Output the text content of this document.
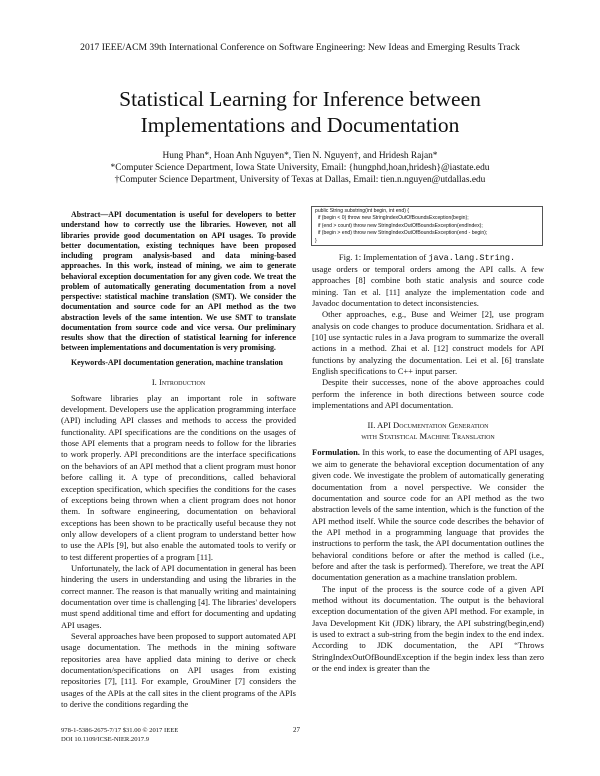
2017 IEEE/ACM 39th International Conference on Software Engineering: New Ideas and Emerging Results Track
Statistical Learning for Inference between
Implementations and Documentation
Hung Phan*, Hoan Anh Nguyen*, Tien N. Nguyen†, and Hridesh Rajan*
*Computer Science Department, Iowa State University, Email: {hungphd,hoan,hridesh}@iastate.edu
†Computer Science Department, University of Texas at Dallas, Email: tien.n.nguyen@utdallas.edu

Abstract—API documentation is useful for developers to better understand how to correctly use the libraries. However, not all libraries provide good documentation on API usages. To provide better documentation, existing techniques have been proposed including program analysis-based and data mining-based approaches. In this work, instead of mining, we aim to generate behavioral exception documentation for any given code. We treat the problem of automatically generating documentation from a novel perspective: statistical machine translation (SMT). We consider the documentation and source code for an API method as the two abstraction levels of the same intention. We use SMT to translate documentation from source code and vice versa. Our preliminary results show that the direction of statistical learning for inference between implementations and documentation is very promising.

Keywords-API documentation generation, machine translation

I. Introduction

Software libraries play an important role in software development. Developers use the application programming interface (API) including API classes and methods to access the provided functionality. API specifications are the conditions on the usages of those API elements that a program needs to follow for the libraries to work properly. API preconditions are the interface specifications on the behaviors of an API method that a client program must honor before calling it. A type of preconditions, called behavioral exception specification, which specifies the conditions for the cases of exceptions being thrown when a client program does not honor them. In software engineering, documentation on behavioral exceptions has been shown to be practically useful because they not only allow developers of a client program to understand better how to use the APIs [9], but also enable the automated tools to verify or to test different properties of a program [11].

Unfortunately, the lack of API documentation in general has been hindering the users in understanding and using the libraries in the correct manner. The reason is that manually writing and maintaining documentation over time is challenging [4]. The libraries' developers must spend additional time and effort for documenting and updating API usages.

Several approaches have been proposed to support automated API usage documentation. The methods in the mining software repositories area have applied data mining to derive or check documentation/specifications on API usages from existing repositories [7], [11]. For example, GrouMiner [7] considers the usages of the APIs at the call sites in the client programs of the APIs to derive the conditions regarding the

public String substring(int begin, int end) {
if (begin < 0) throw new StringIndexOutOfBoundsException(begin);
if (end > count) throw new StringIndexOutOfBoundsException(endIndex);
if (begin > end) throw new StringIndexOutOfBoundsException(end - begin);
}
Fig. 1: Implementation of java.lang.String.

usage orders or temporal orders among the API calls. A few approaches [8] combine both static analysis and source code mining. Tan et al. [11] analyze the implementation code and Javadoc documentation to detect inconsistencies.

Other approaches, e.g., Buse and Weimer [2], use program analysis on code changes to produce documentation. Sridhara et al. [10] use syntactic rules in a Java program to summarize the overall actions in a method. Zhai et al. [12] construct models for API functions by analyzing the documentation. Lei et al. [6] translate English specifications to C++ input parser.

Despite their successes, none of the above approaches could perform the inference in both directions between source code implementations and API documentation.

II. API Documentation Generation
with Statistical Machine Translation

Formulation. In this work, to ease the documenting of API usages, we aim to generate the behavioral exception documentation of any given code. We investigate the problem of automatically generating documentation from a novel perspective. We consider the documentation and source code for an API method as the two abstraction levels of the same intention, which is the function of the API method itself. While the source code describes the behavior of the API method in a programming language that provides the instructions to perform the task, the API documentation outlines the behavioral conditions before or after the method is called (i.e., before and after the task is performed). Therefore, we treat the API documentation generation as a machine translation problem.

The input of the process is the source code of a given API method without its documentation. The output is the behavioral exception documentation of the given API method. For example, in Java Development Kit (JDK) library, the API substring(begin,end) is used to extract a sub-string from the begin index to the end index. According to JDK documentation, the API “Throws StringIndexOutOfBoundException if the begin index less than zero or the end index is greater than the

978-1-5386-2675-7/17 $31.00 © 2017 IEEE
DOI 10.1109/ICSE-NIER.2017.9
27
